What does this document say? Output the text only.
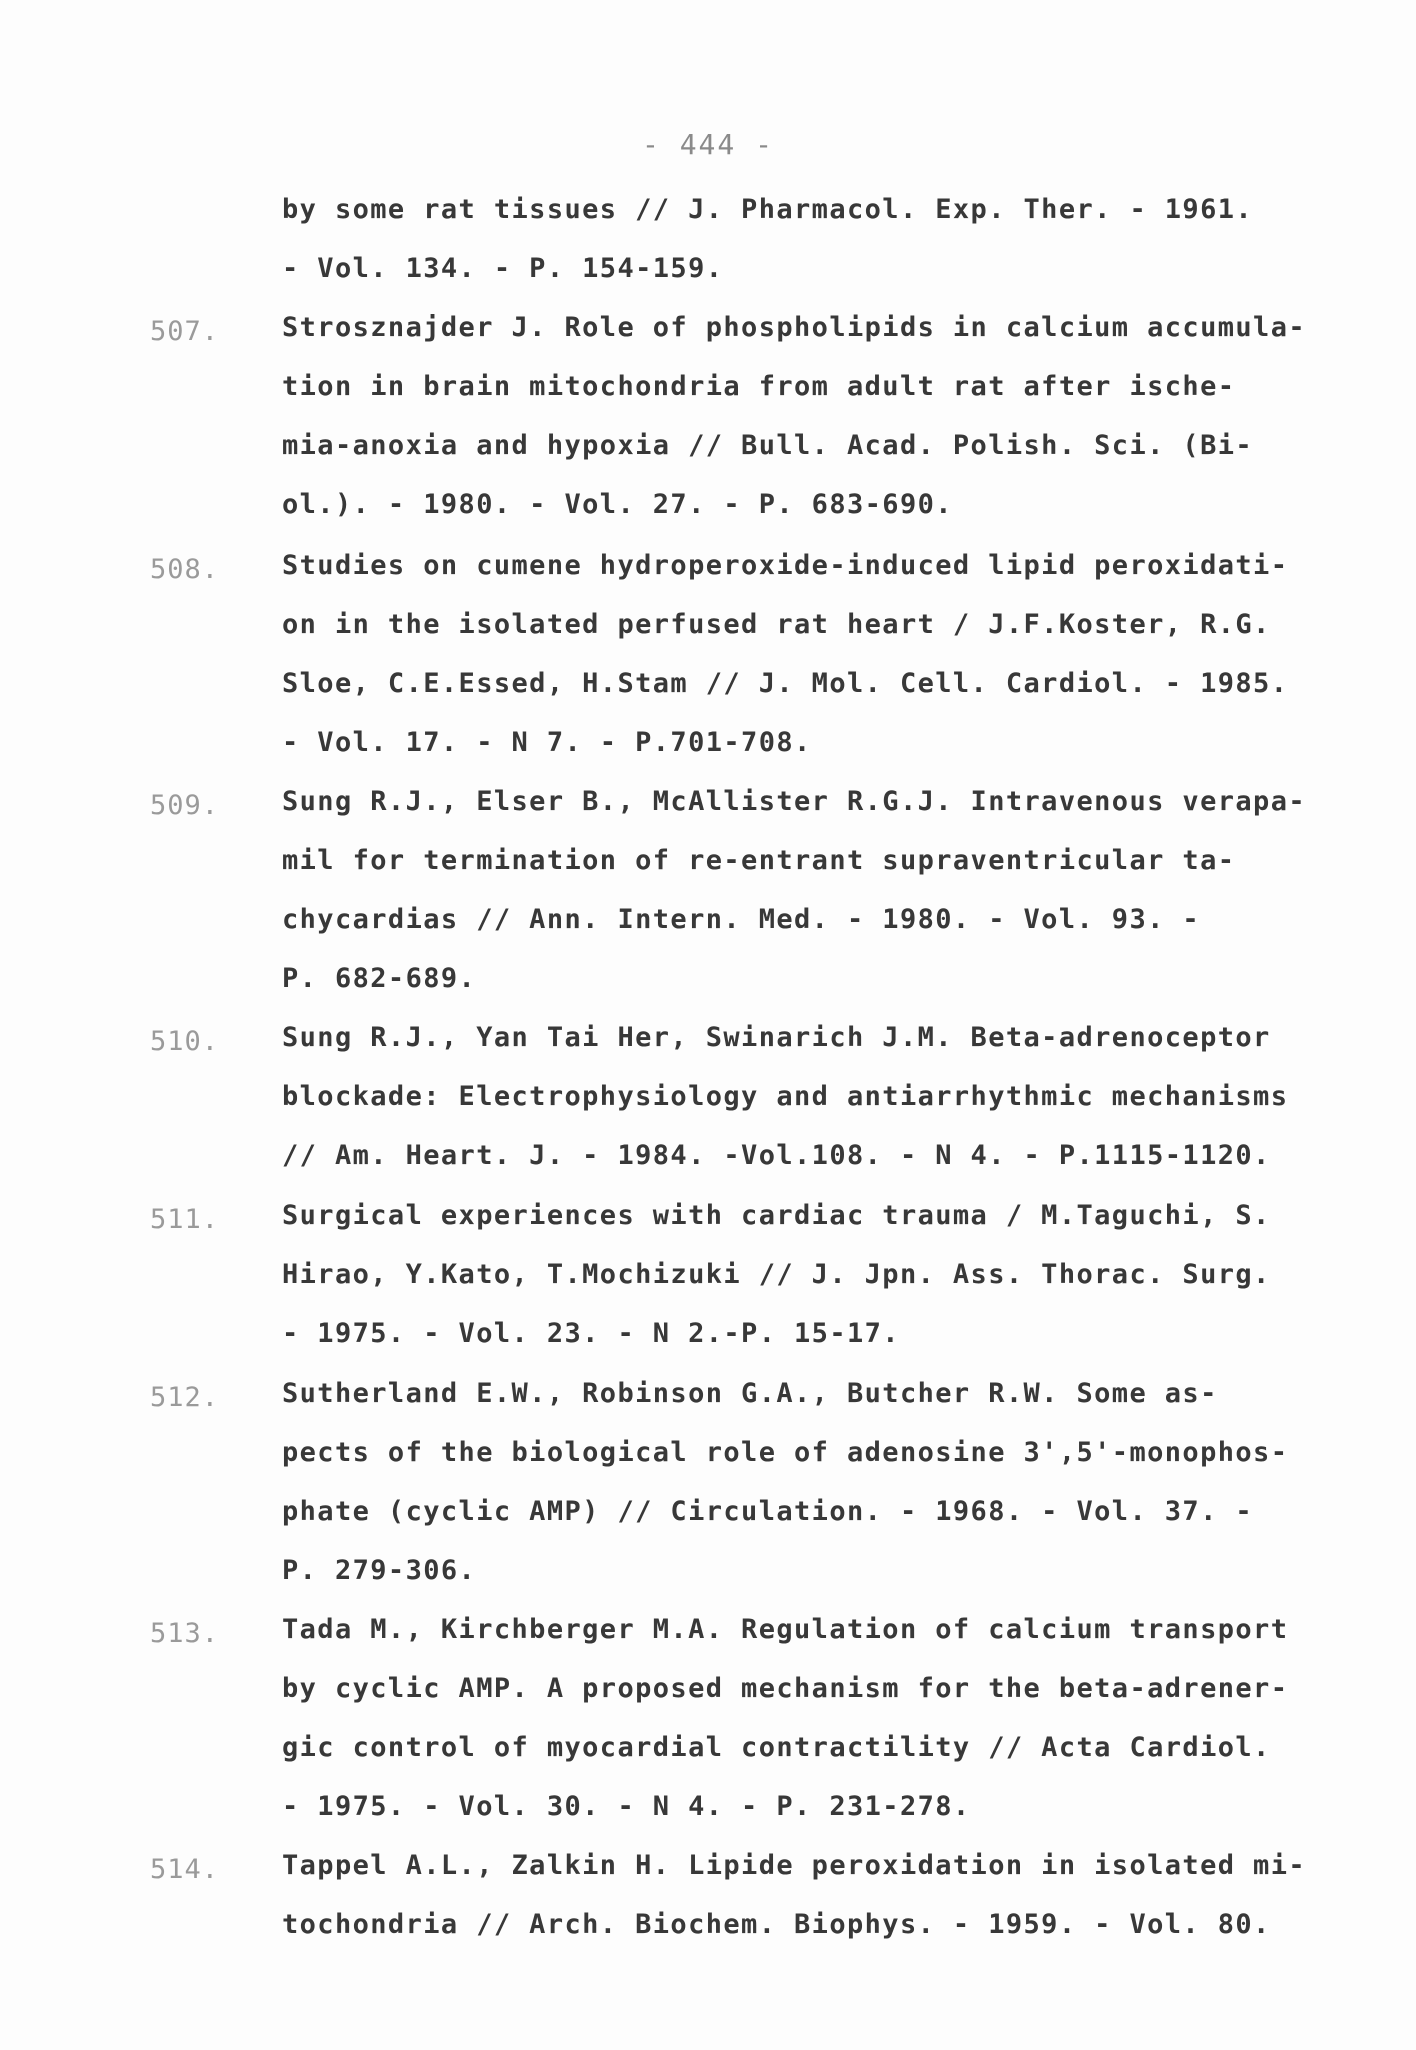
- 444 -
by some rat tissues // J. Pharmacol. Exp. Ther. - 1961.
- Vol. 134. - P. 154-159.
507. Strosznajder J. Role of phospholipids in calcium accumula-
tion in brain mitochondria from adult rat after ische-
mia-anoxia and hypoxia // Bull. Acad. Polish. Sci. (Bi-
ol.). - 1980. - Vol. 27. - P. 683-690.
508. Studies on cumene hydroperoxide-induced lipid peroxidati-
on in the isolated perfused rat heart / J.F.Koster, R.G.
Sloe, C.E.Essed, H.Stam // J. Mol. Cell. Cardiol. - 1985.
- Vol. 17. - N 7. - P.701-708.
509. Sung R.J., Elser B., McAllister R.G.J. Intravenous verapa-
mil for termination of re-entrant supraventricular ta-
chycardias // Ann. Intern. Med. - 1980. - Vol. 93. -
P. 682-689.
510. Sung R.J., Yan Tai Her, Swinarich J.M. Beta-adrenoceptor
blockade: Electrophysiology and antiarrhythmic mechanisms
// Am. Heart. J. - 1984. -Vol.108. - N 4. - P.1115-1120.
511. Surgical experiences with cardiac trauma / M.Taguchi, S.
Hirao, Y.Kato, T.Mochizuki // J. Jpn. Ass. Thorac. Surg.
- 1975. - Vol. 23. - N 2.-P. 15-17.
512. Sutherland E.W., Robinson G.A., Butcher R.W. Some as-
pects of the biological role of adenosine 3',5'-monophos-
phate (cyclic AMP) // Circulation. - 1968. - Vol. 37. -
P. 279-306.
513. Tada M., Kirchberger M.A. Regulation of calcium transport
by cyclic AMP. A proposed mechanism for the beta-adrener-
gic control of myocardial contractility // Acta Cardiol.
- 1975. - Vol. 30. - N 4. - P. 231-278.
514. Tappel A.L., Zalkin H. Lipide peroxidation in isolated mi-
tochondria // Arch. Biochem. Biophys. - 1959. - Vol. 80.
